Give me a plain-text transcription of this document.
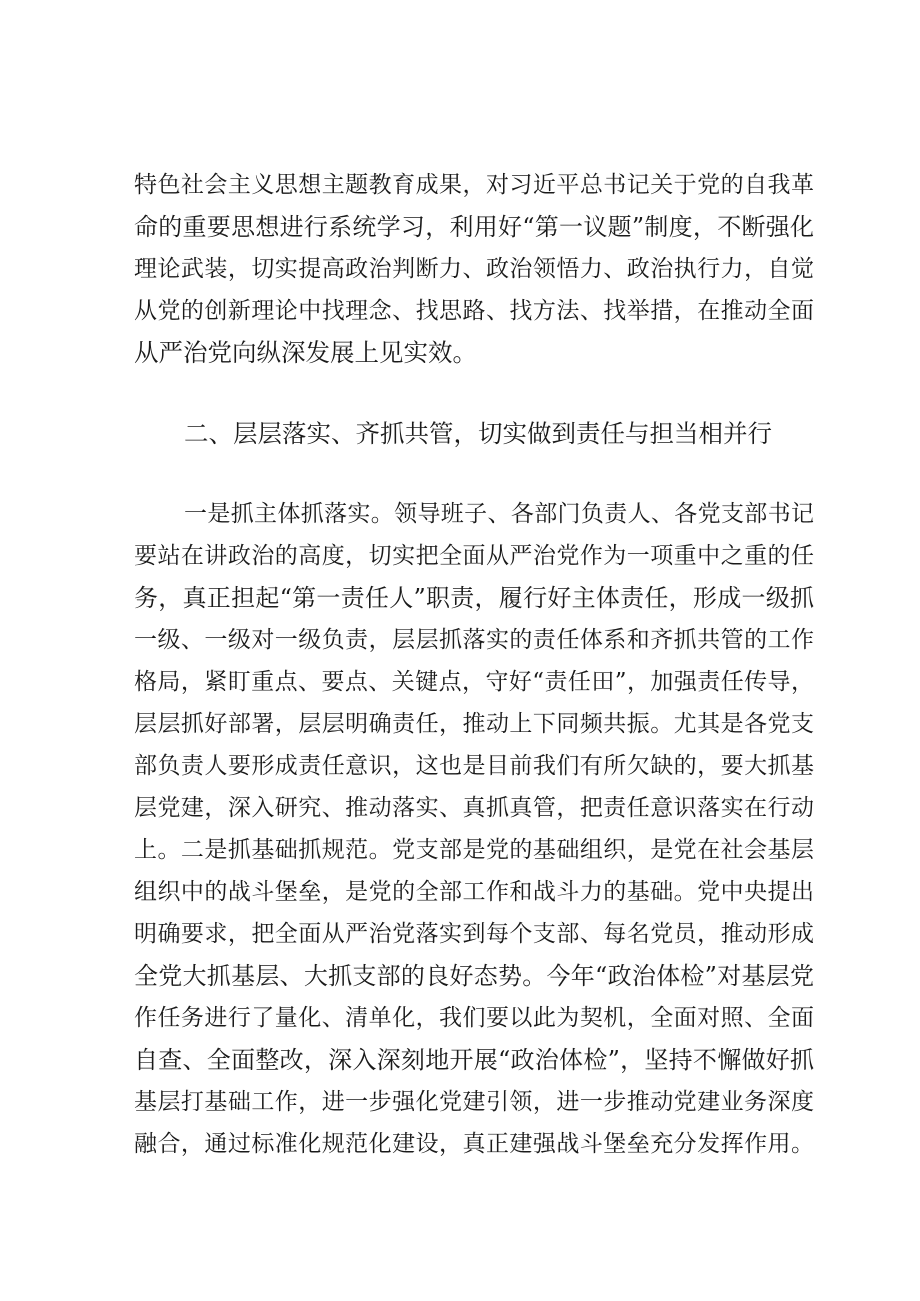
特色社会主义思想主题教育成果，对习近平总书记关于党的自我革
命的重要思想进行系统学习，利用好“第一议题”制度，不断强化
理论武装，切实提高政治判断力、政治领悟力、政治执行力，自觉
从党的创新理论中找理念、找思路、找方法、找举措，在推动全面
从严治党向纵深发展上见实效。
二、层层落实、齐抓共管，切实做到责任与担当相并行
一是抓主体抓落实。领导班子、各部门负责人、各党支部书记
要站在讲政治的高度，切实把全面从严治党作为一项重中之重的任
务，真正担起“第一责任人”职责，履行好主体责任，形成一级抓
一级、一级对一级负责，层层抓落实的责任体系和齐抓共管的工作
格局，紧盯重点、要点、关键点，守好“责任田”，加强责任传导，
层层抓好部署，层层明确责任，推动上下同频共振。尤其是各党支
部负责人要形成责任意识，这也是目前我们有所欠缺的，要大抓基
层党建，深入研究、推动落实、真抓真管，把责任意识落实在行动
上。二是抓基础抓规范。党支部是党的基础组织，是党在社会基层
组织中的战斗堡垒，是党的全部工作和战斗力的基础。党中央提出
明确要求，把全面从严治党落实到每个支部、每名党员，推动形成
全党大抓基层、大抓支部的良好态势。今年“政治体检”对基层党
作任务进行了量化、清单化，我们要以此为契机，全面对照、全面
自查、全面整改，深入深刻地开展“政治体检”，坚持不懈做好抓
基层打基础工作，进一步强化党建引领，进一步推动党建业务深度
融合，通过标准化规范化建设，真正建强战斗堡垒充分发挥作用。
